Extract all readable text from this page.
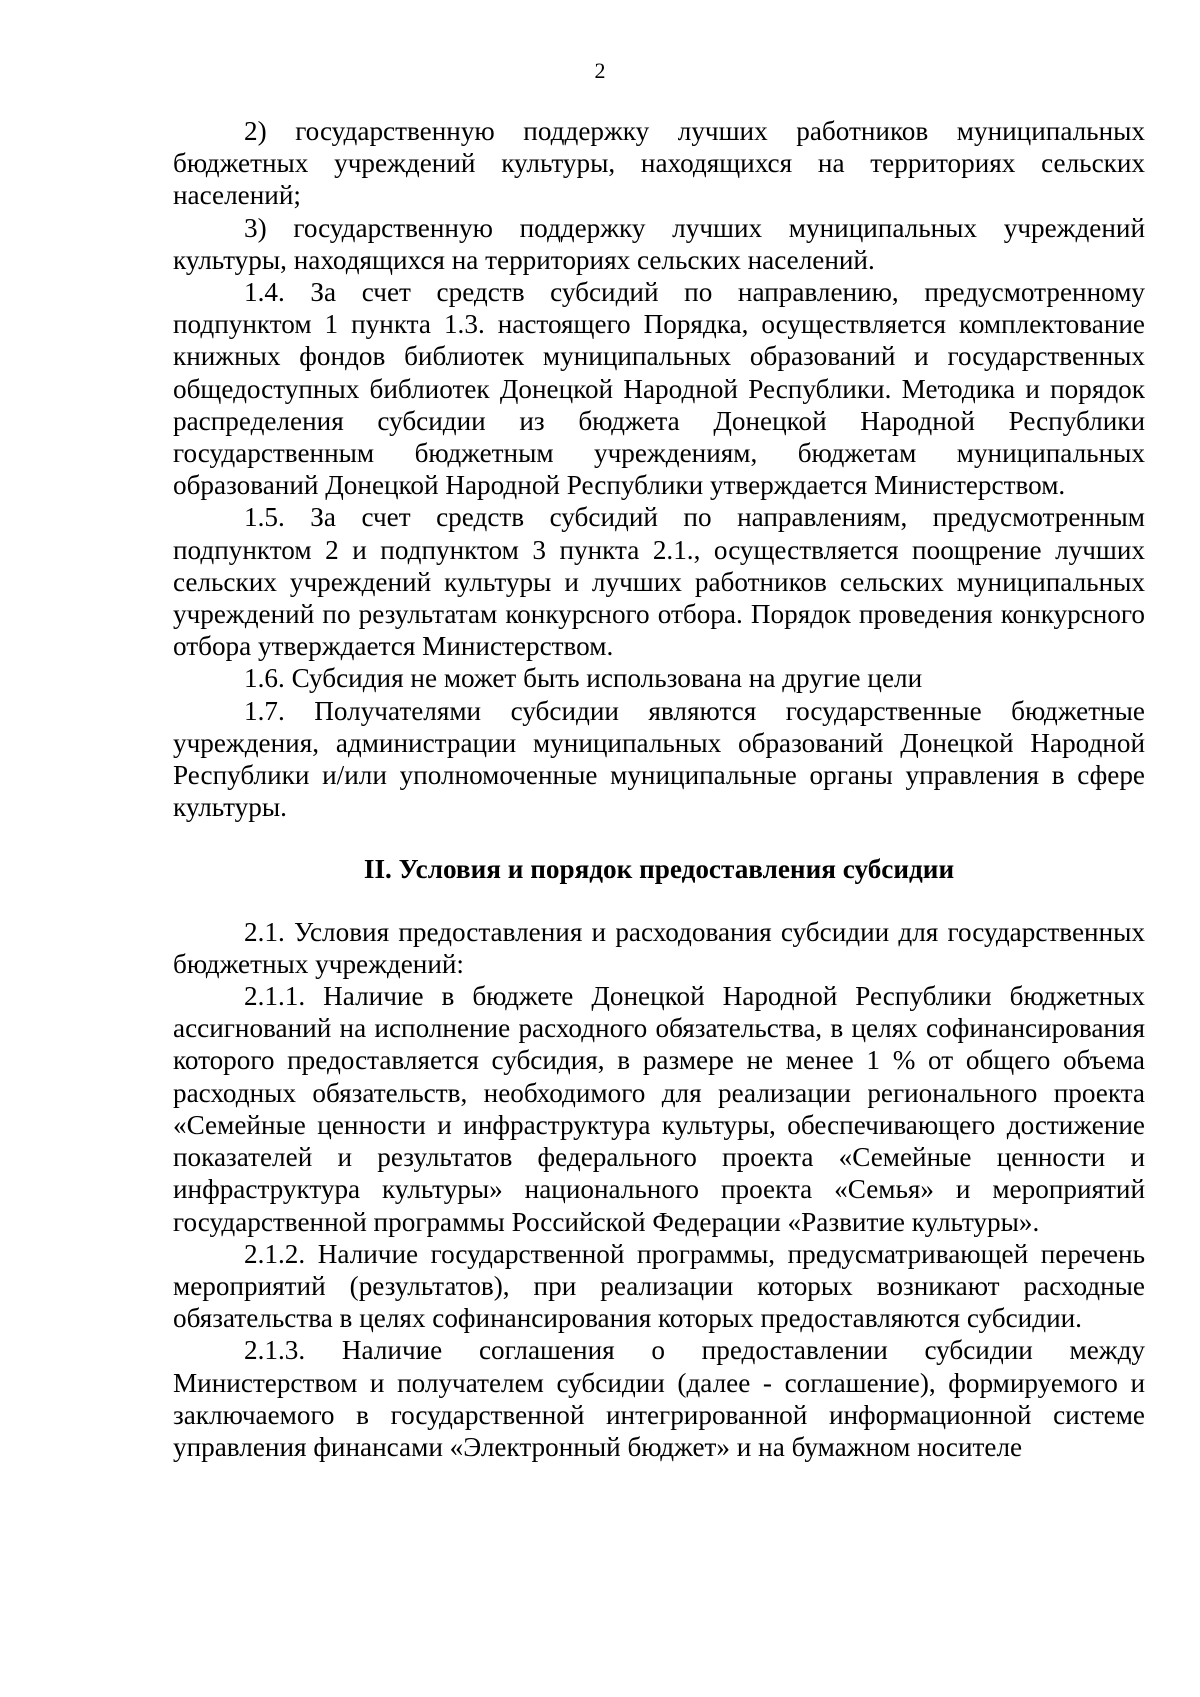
2

2) государственную поддержку лучших работников муниципальных бюджетных учреждений культуры, находящихся на территориях сельских населений;

3) государственную поддержку лучших муниципальных учреждений культуры, находящихся на территориях сельских населений.

1.4. За счет средств субсидий по направлению, предусмотренному подпунктом 1 пункта 1.3. настоящего Порядка, осуществляется комплектование книжных фондов библиотек муниципальных образований и государственных общедоступных библиотек Донецкой Народной Республики. Методика и порядок распределения субсидии из бюджета Донецкой Народной Республики государственным бюджетным учреждениям, бюджетам муниципальных образований Донецкой Народной Республики утверждается Министерством.

1.5. За счет средств субсидий по направлениям, предусмотренным подпунктом 2 и подпунктом 3 пункта 2.1., осуществляется поощрение лучших сельских учреждений культуры и лучших работников сельских муниципальных учреждений по результатам конкурсного отбора. Порядок проведения конкурсного отбора утверждается Министерством.

1.6. Субсидия не может быть использована на другие цели

1.7. Получателями субсидии являются государственные бюджетные учреждения, администрации муниципальных образований Донецкой Народной Республики и/или уполномоченные муниципальные органы управления в сфере культуры.

II. Условия и порядок предоставления субсидии

2.1. Условия предоставления и расходования субсидии для государственных бюджетных учреждений:

2.1.1. Наличие в бюджете Донецкой Народной Республики бюджетных ассигнований на исполнение расходного обязательства, в целях софинансирования которого предоставляется субсидия, в размере не менее 1 % от общего объема расходных обязательств, необходимого для реализации регионального проекта «Семейные ценности и инфраструктура культуры, обеспечивающего достижение показателей и результатов федерального проекта «Семейные ценности и инфраструктура культуры» национального проекта «Семья» и мероприятий государственной программы Российской Федерации «Развитие культуры».

2.1.2. Наличие государственной программы, предусматривающей перечень мероприятий (результатов), при реализации которых возникают расходные обязательства в целях софинансирования которых предоставляются субсидии.

2.1.3. Наличие соглашения о предоставлении субсидии между Министерством и получателем субсидии (далее - соглашение), формируемого и заключаемого в государственной интегрированной информационной системе управления финансами «Электронный бюджет» и на бумажном носителе
